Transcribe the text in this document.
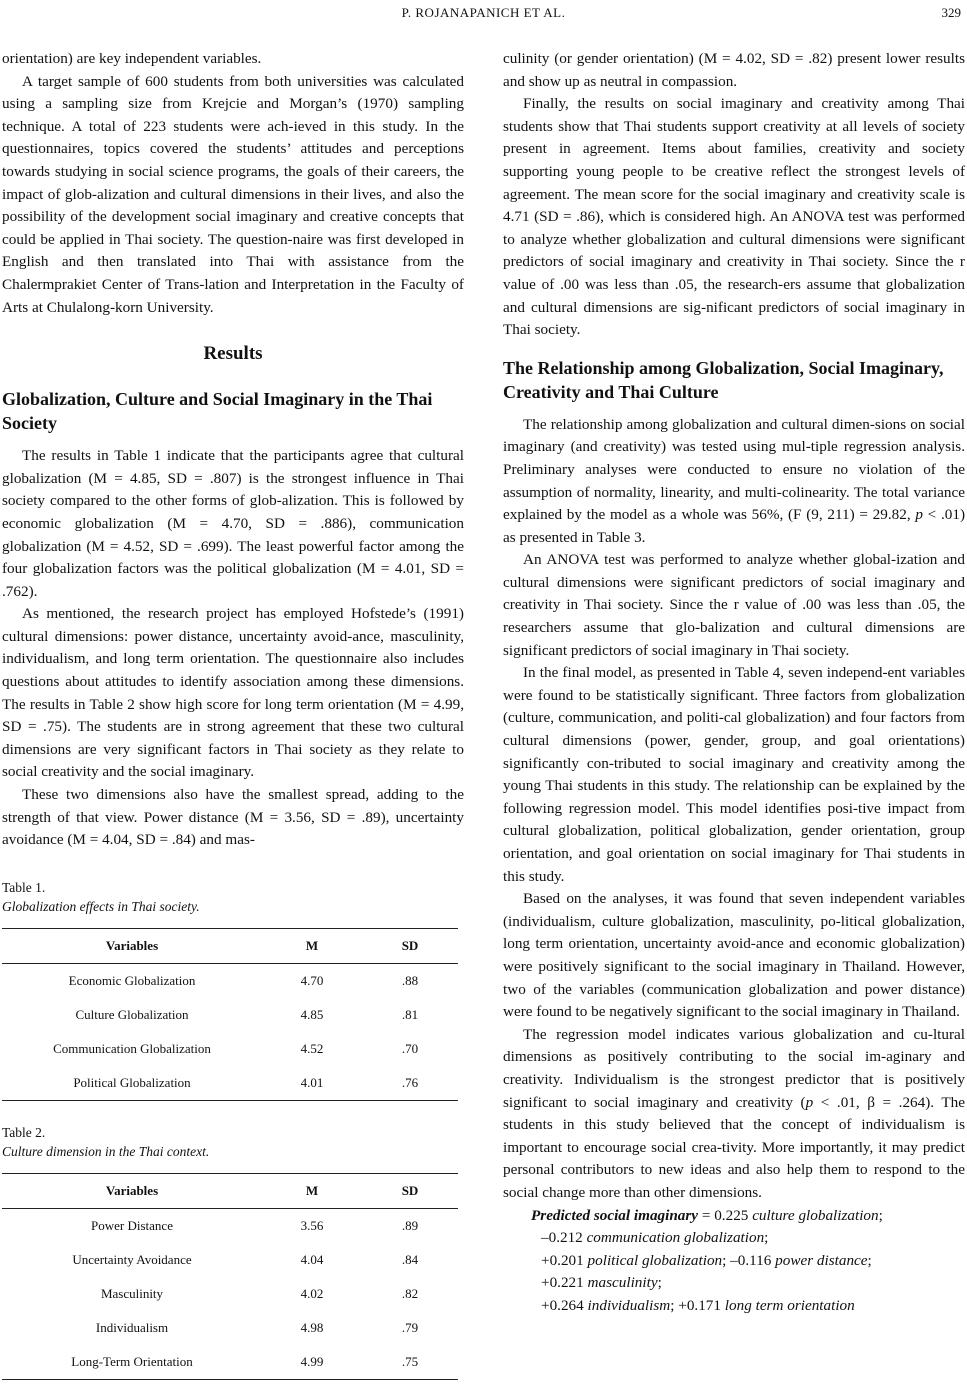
P. ROJANAPANICH ET AL.	329

orientation) are key independent variables.

A target sample of 600 students from both universities was calculated using a sampling size from Krejcie and Morgan’s (1970) sampling technique. A total of 223 students were ach-ieved in this study. In the questionnaires, topics covered the students’ attitudes and perceptions towards studying in social science programs, the goals of their careers, the impact of glob-alization and cultural dimensions in their lives, and also the possibility of the development social imaginary and creative concepts that could be applied in Thai society. The question-naire was first developed in English and then translated into Thai with assistance from the Chalermprakiet Center of Trans-lation and Interpretation in the Faculty of Arts at Chulalong-korn University.

Results
Globalization, Culture and Social Imaginary in the Thai Society

The results in Table 1 indicate that the participants agree that cultural globalization (M = 4.85, SD = .807) is the strongest influence in Thai society compared to the other forms of glob-alization. This is followed by economic globalization (M = 4.70, SD = .886), communication globalization (M = 4.52, SD = .699). The least powerful factor among the four globalization factors was the political globalization (M = 4.01, SD = .762).

As mentioned, the research project has employed Hofstede’s (1991) cultural dimensions: power distance, uncertainty avoid-ance, masculinity, individualism, and long term orientation. The questionnaire also includes questions about attitudes to identify association among these dimensions. The results in Table 2 show high score for long term orientation (M = 4.99, SD = .75). The students are in strong agreement that these two cultural dimensions are very significant factors in Thai society as they relate to social creativity and the social imaginary.

These two dimensions also have the smallest spread, adding to the strength of that view. Power distance (M = 3.56, SD = .89), uncertainty avoidance (M = 4.04, SD = .84) and mas-

Table 1.
Globalization effects in Thai society.
Variables	M	SD
Economic Globalization	4.70	.88
Culture Globalization	4.85	.81
Communication Globalization	4.52	.70
Political Globalization	4.01	.76
Table 2.
Culture dimension in the Thai context.
Variables	M	SD
Power Distance	3.56	.89
Uncertainty Avoidance	4.04	.84
Masculinity	4.02	.82
Individualism	4.98	.79
Long-Term Orientation	4.99	.75

culinity (or gender orientation) (M = 4.02, SD = .82) present lower results and show up as neutral in compassion.

Finally, the results on social imaginary and creativity among Thai students show that Thai students support creativity at all levels of society present in agreement. Items about families, creativity and society supporting young people to be creative reflect the strongest levels of agreement. The mean score for the social imaginary and creativity scale is 4.71 (SD = .86), which is considered high. An ANOVA test was performed to analyze whether globalization and cultural dimensions were significant predictors of social imaginary and creativity in Thai society. Since the r value of .00 was less than .05, the research-ers assume that globalization and cultural dimensions are sig-nificant predictors of social imaginary in Thai society.

The Relationship among Globalization, Social Imaginary, Creativity and Thai Culture

The relationship among globalization and cultural dimen-sions on social imaginary (and creativity) was tested using mul-tiple regression analysis. Preliminary analyses were conducted to ensure no violation of the assumption of normality, linearity, and multi-colinearity. The total variance explained by the model as a whole was 56%, (F (9, 211) = 29.82, p < .01) as presented in Table 3.

An ANOVA test was performed to analyze whether global-ization and cultural dimensions were significant predictors of social imaginary and creativity in Thai society. Since the r value of .00 was less than .05, the researchers assume that glo-balization and cultural dimensions are significant predictors of social imaginary in Thai society.

In the final model, as presented in Table 4, seven independ-ent variables were found to be statistically significant. Three factors from globalization (culture, communication, and politi-cal globalization) and four factors from cultural dimensions (power, gender, group, and goal orientations) significantly con-tributed to social imaginary and creativity among the young Thai students in this study. The relationship can be explained by the following regression model. This model identifies posi-tive impact from cultural globalization, political globalization, gender orientation, group orientation, and goal orientation on social imaginary for Thai students in this study.

Based on the analyses, it was found that seven independent variables (individualism, culture globalization, masculinity, po-litical globalization, long term orientation, uncertainty avoid-ance and economic globalization) were positively significant to the social imaginary in Thailand. However, two of the variables (communication globalization and power distance) were found to be negatively significant to the social imaginary in Thailand.

The regression model indicates various globalization and cu-ltural dimensions as positively contributing to the social im-aginary and creativity. Individualism is the strongest predictor that is positively significant to social imaginary and creativity (p < .01, β = .264). The students in this study believed that the concept of individualism is important to encourage social crea-tivity. More importantly, it may predict personal contributors to new ideas and also help them to respond to the social change more than other dimensions.

Predicted social imaginary = 0.225 culture globalization;
–0.212 communication globalization;
+0.201 political globalization; –0.116 power distance;
+0.221 masculinity;
+0.264 individualism; +0.171 long term orientation
